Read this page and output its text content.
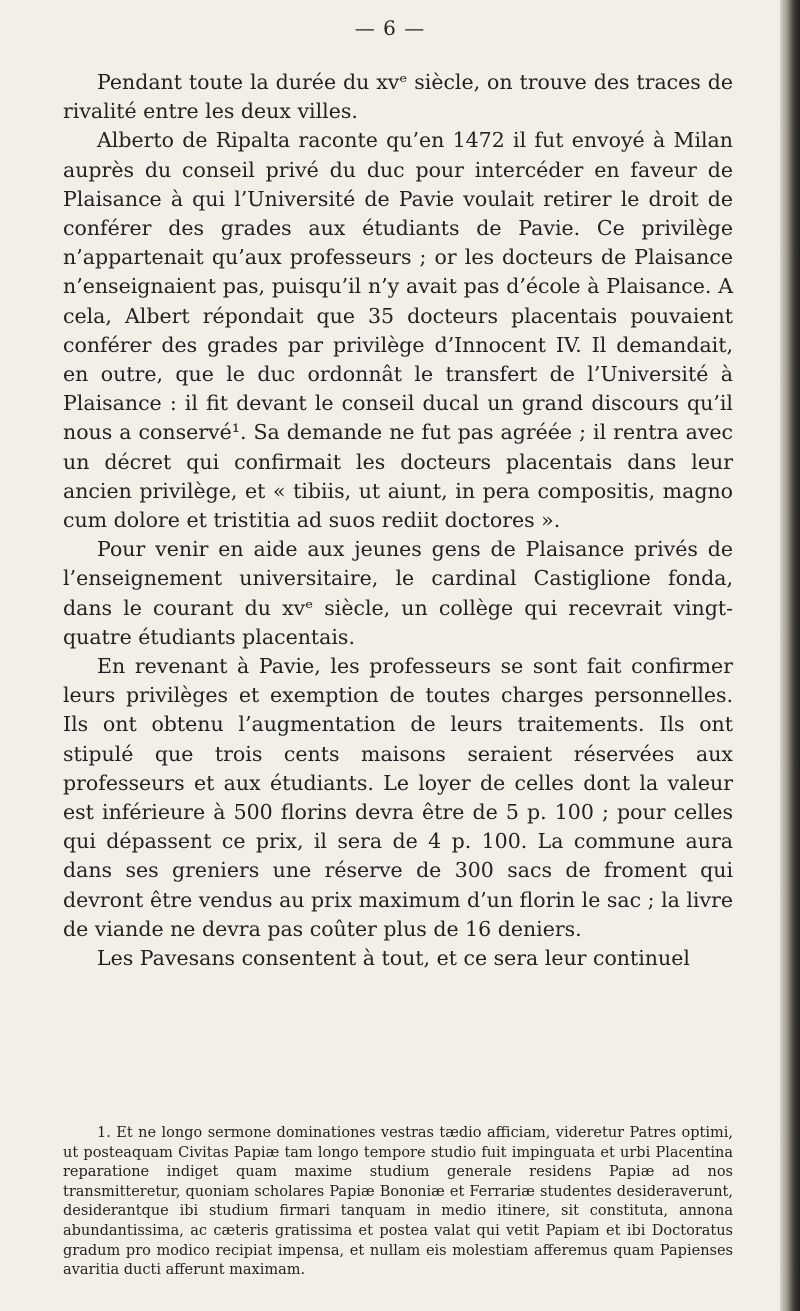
— 6 —

Pendant toute la durée du xvᵉ siècle, on trouve des traces de rivalité entre les deux villes.

Alberto de Ripalta raconte qu’en 1472 il fut envoyé à Milan auprès du conseil privé du duc pour intercéder en faveur de Plaisance à qui l’Université de Pavie voulait retirer le droit de conférer des grades aux étudiants de Pavie. Ce privilège n’appartenait qu’aux professeurs ; or les docteurs de Plaisance n’enseignaient pas, puisqu’il n’y avait pas d’école à Plaisance. A cela, Albert répondait que 35 docteurs placentais pouvaient conférer des grades par privilège d’Innocent IV. Il demandait, en outre, que le duc ordonnât le transfert de l’Université à Plaisance : il fit devant le conseil ducal un grand discours qu’il nous a conservé¹. Sa demande ne fut pas agréée ; il rentra avec un décret qui confirmait les docteurs placentais dans leur ancien privilège, et « tibiis, ut aiunt, in pera compositis, magno cum dolore et tristitia ad suos rediit doctores ».

Pour venir en aide aux jeunes gens de Plaisance privés de l’enseignement universitaire, le cardinal Castiglione fonda, dans le courant du xvᵉ siècle, un collège qui recevrait vingt-quatre étudiants placentais.

En revenant à Pavie, les professeurs se sont fait confirmer leurs privilèges et exemption de toutes charges personnelles. Ils ont obtenu l’augmentation de leurs traitements. Ils ont stipulé que trois cents maisons seraient réservées aux professeurs et aux étudiants. Le loyer de celles dont la valeur est inférieure à 500 florins devra être de 5 p. 100 ; pour celles qui dépassent ce prix, il sera de 4 p. 100. La commune aura dans ses greniers une réserve de 300 sacs de froment qui devront être vendus au prix maximum d’un florin le sac ; la livre de viande ne devra pas coûter plus de 16 deniers.

Les Pavesans consentent à tout, et ce sera leur continuel

1. Et ne longo sermone dominationes vestras tædio afficiam, videretur Patres optimi, ut posteaquam Civitas Papiæ tam longo tempore studio fuit impinguata et urbi Placentina reparatione indiget quam maxime studium generale residens Papiæ ad nos transmitteretur, quoniam scholares Papiæ Bononiæ et Ferrariæ studentes desideraverunt, desiderantque ibi studium firmari tanquam in medio itinere, sit constituta, annona abundantissima, ac cæteris gratissima et postea valat qui vetit Papiam et ibi Doctoratus gradum pro modico recipiat impensa, et nullam eis molestiam afferemus quam Papienses avaritia ducti afferunt maximam.
